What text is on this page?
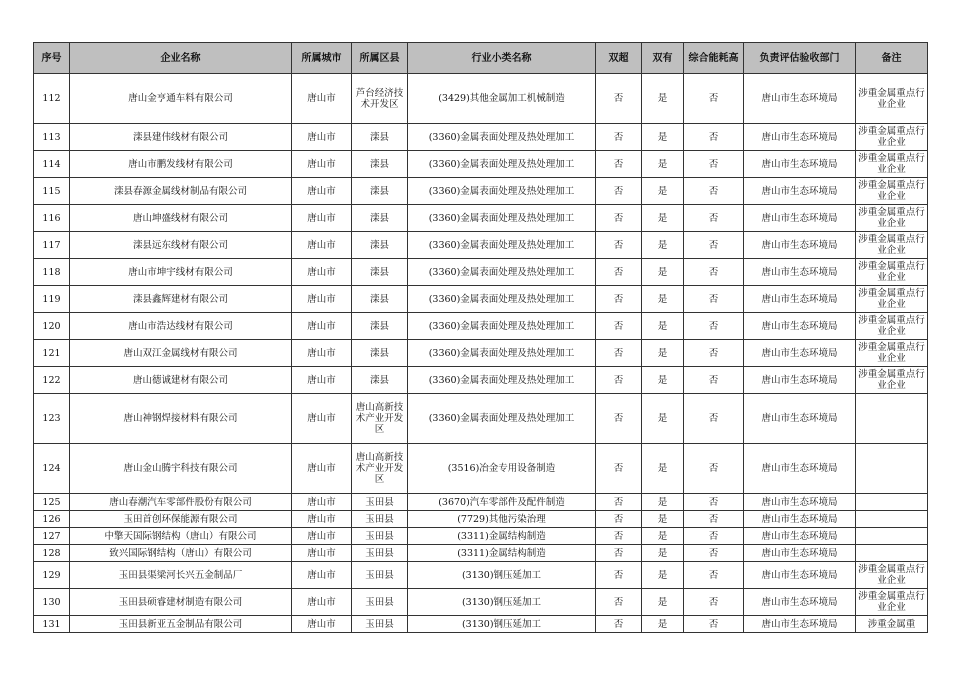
序号	企业名称	所属城市	所属区县	行业小类名称	双超	双有	综合能耗高	负责评估验收部门	备注
112	唐山金亨通车料有限公司	唐山市	芦台经济技术开发区	(3429)其他金属加工机械制造	否	是	否	唐山市生态环境局	涉重金属重点行业企业
113	滦县建伟线材有限公司	唐山市	滦县	(3360)金属表面处理及热处理加工	否	是	否	唐山市生态环境局	涉重金属重点行业企业
114	唐山市鹏发线材有限公司	唐山市	滦县	(3360)金属表面处理及热处理加工	否	是	否	唐山市生态环境局	涉重金属重点行业企业
115	滦县春源金属线材制品有限公司	唐山市	滦县	(3360)金属表面处理及热处理加工	否	是	否	唐山市生态环境局	涉重金属重点行业企业
116	唐山坤盛线材有限公司	唐山市	滦县	(3360)金属表面处理及热处理加工	否	是	否	唐山市生态环境局	涉重金属重点行业企业
117	滦县远东线材有限公司	唐山市	滦县	(3360)金属表面处理及热处理加工	否	是	否	唐山市生态环境局	涉重金属重点行业企业
118	唐山市坤宇线材有限公司	唐山市	滦县	(3360)金属表面处理及热处理加工	否	是	否	唐山市生态环境局	涉重金属重点行业企业
119	滦县鑫辉建材有限公司	唐山市	滦县	(3360)金属表面处理及热处理加工	否	是	否	唐山市生态环境局	涉重金属重点行业企业
120	唐山市浩达线材有限公司	唐山市	滦县	(3360)金属表面处理及热处理加工	否	是	否	唐山市生态环境局	涉重金属重点行业企业
121	唐山双江金属线材有限公司	唐山市	滦县	(3360)金属表面处理及热处理加工	否	是	否	唐山市生态环境局	涉重金属重点行业企业
122	唐山德诚建材有限公司	唐山市	滦县	(3360)金属表面处理及热处理加工	否	是	否	唐山市生态环境局	涉重金属重点行业企业
123	唐山神钢焊接材料有限公司	唐山市	唐山高新技术产业开发区	(3360)金属表面处理及热处理加工	否	是	否	唐山市生态环境局	
124	唐山金山腾宇科技有限公司	唐山市	唐山高新技术产业开发区	(3516)冶金专用设备制造	否	是	否	唐山市生态环境局	
125	唐山春潮汽车零部件股份有限公司	唐山市	玉田县	(3670)汽车零部件及配件制造	否	是	否	唐山市生态环境局	
126	玉田首创环保能源有限公司	唐山市	玉田县	(7729)其他污染治理	否	是	否	唐山市生态环境局	
127	中擎天国际钢结构（唐山）有限公司	唐山市	玉田县	(3311)金属结构制造	否	是	否	唐山市生态环境局	
128	致兴国际钢结构（唐山）有限公司	唐山市	玉田县	(3311)金属结构制造	否	是	否	唐山市生态环境局	
129	玉田县渠梁河长兴五金制品厂	唐山市	玉田县	(3130)钢压延加工	否	是	否	唐山市生态环境局	涉重金属重点行业企业
130	玉田县硕睿建材制造有限公司	唐山市	玉田县	(3130)钢压延加工	否	是	否	唐山市生态环境局	涉重金属重点行业企业
131	玉田县新亚五金制品有限公司	唐山市	玉田县	(3130)钢压延加工	否	是	否	唐山市生态环境局	涉重金属重
